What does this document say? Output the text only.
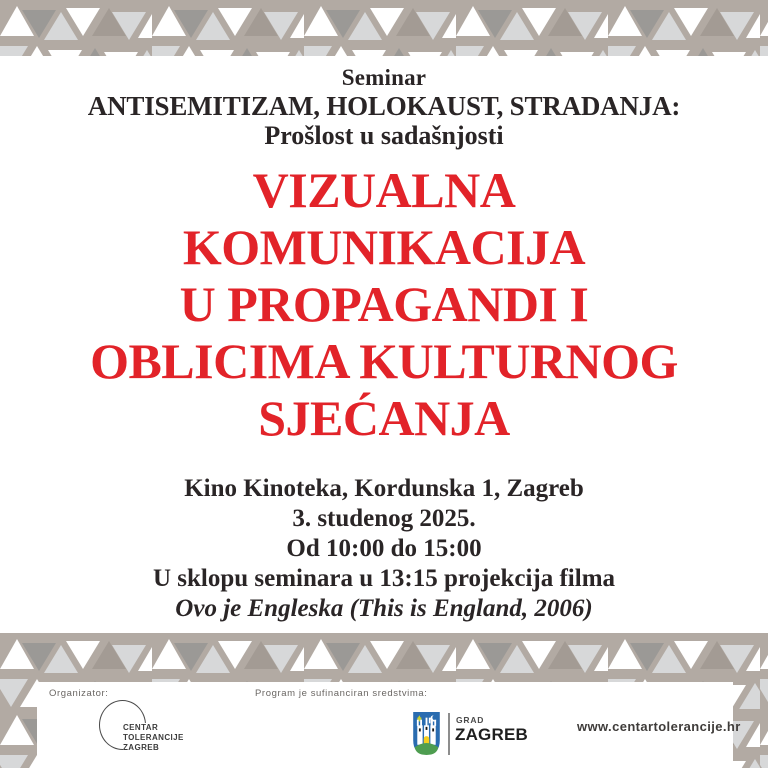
Seminar
ANTISEMITIZAM, HOLOKAUST, STRADANJA:
Prošlost u sadašnjosti
VIZUALNA
KOMUNIKACIJA
U PROPAGANDI I
OBLICIMA KULTURNOG
SJEĆANJA
Kino Kinoteka, Kordunska 1, Zagreb
3. studenog 2025.
Od 10:00 do 15:00
U sklopu seminara u 13:15 projekcija filma
Ovo je Engleska (This is England, 2006)
Organizator:
CENTAR
TOLERANCIJE
ZAGREB
Program je sufinanciran sredstvima:
GRAD
ZAGREB	www.centartolerancije.hr
